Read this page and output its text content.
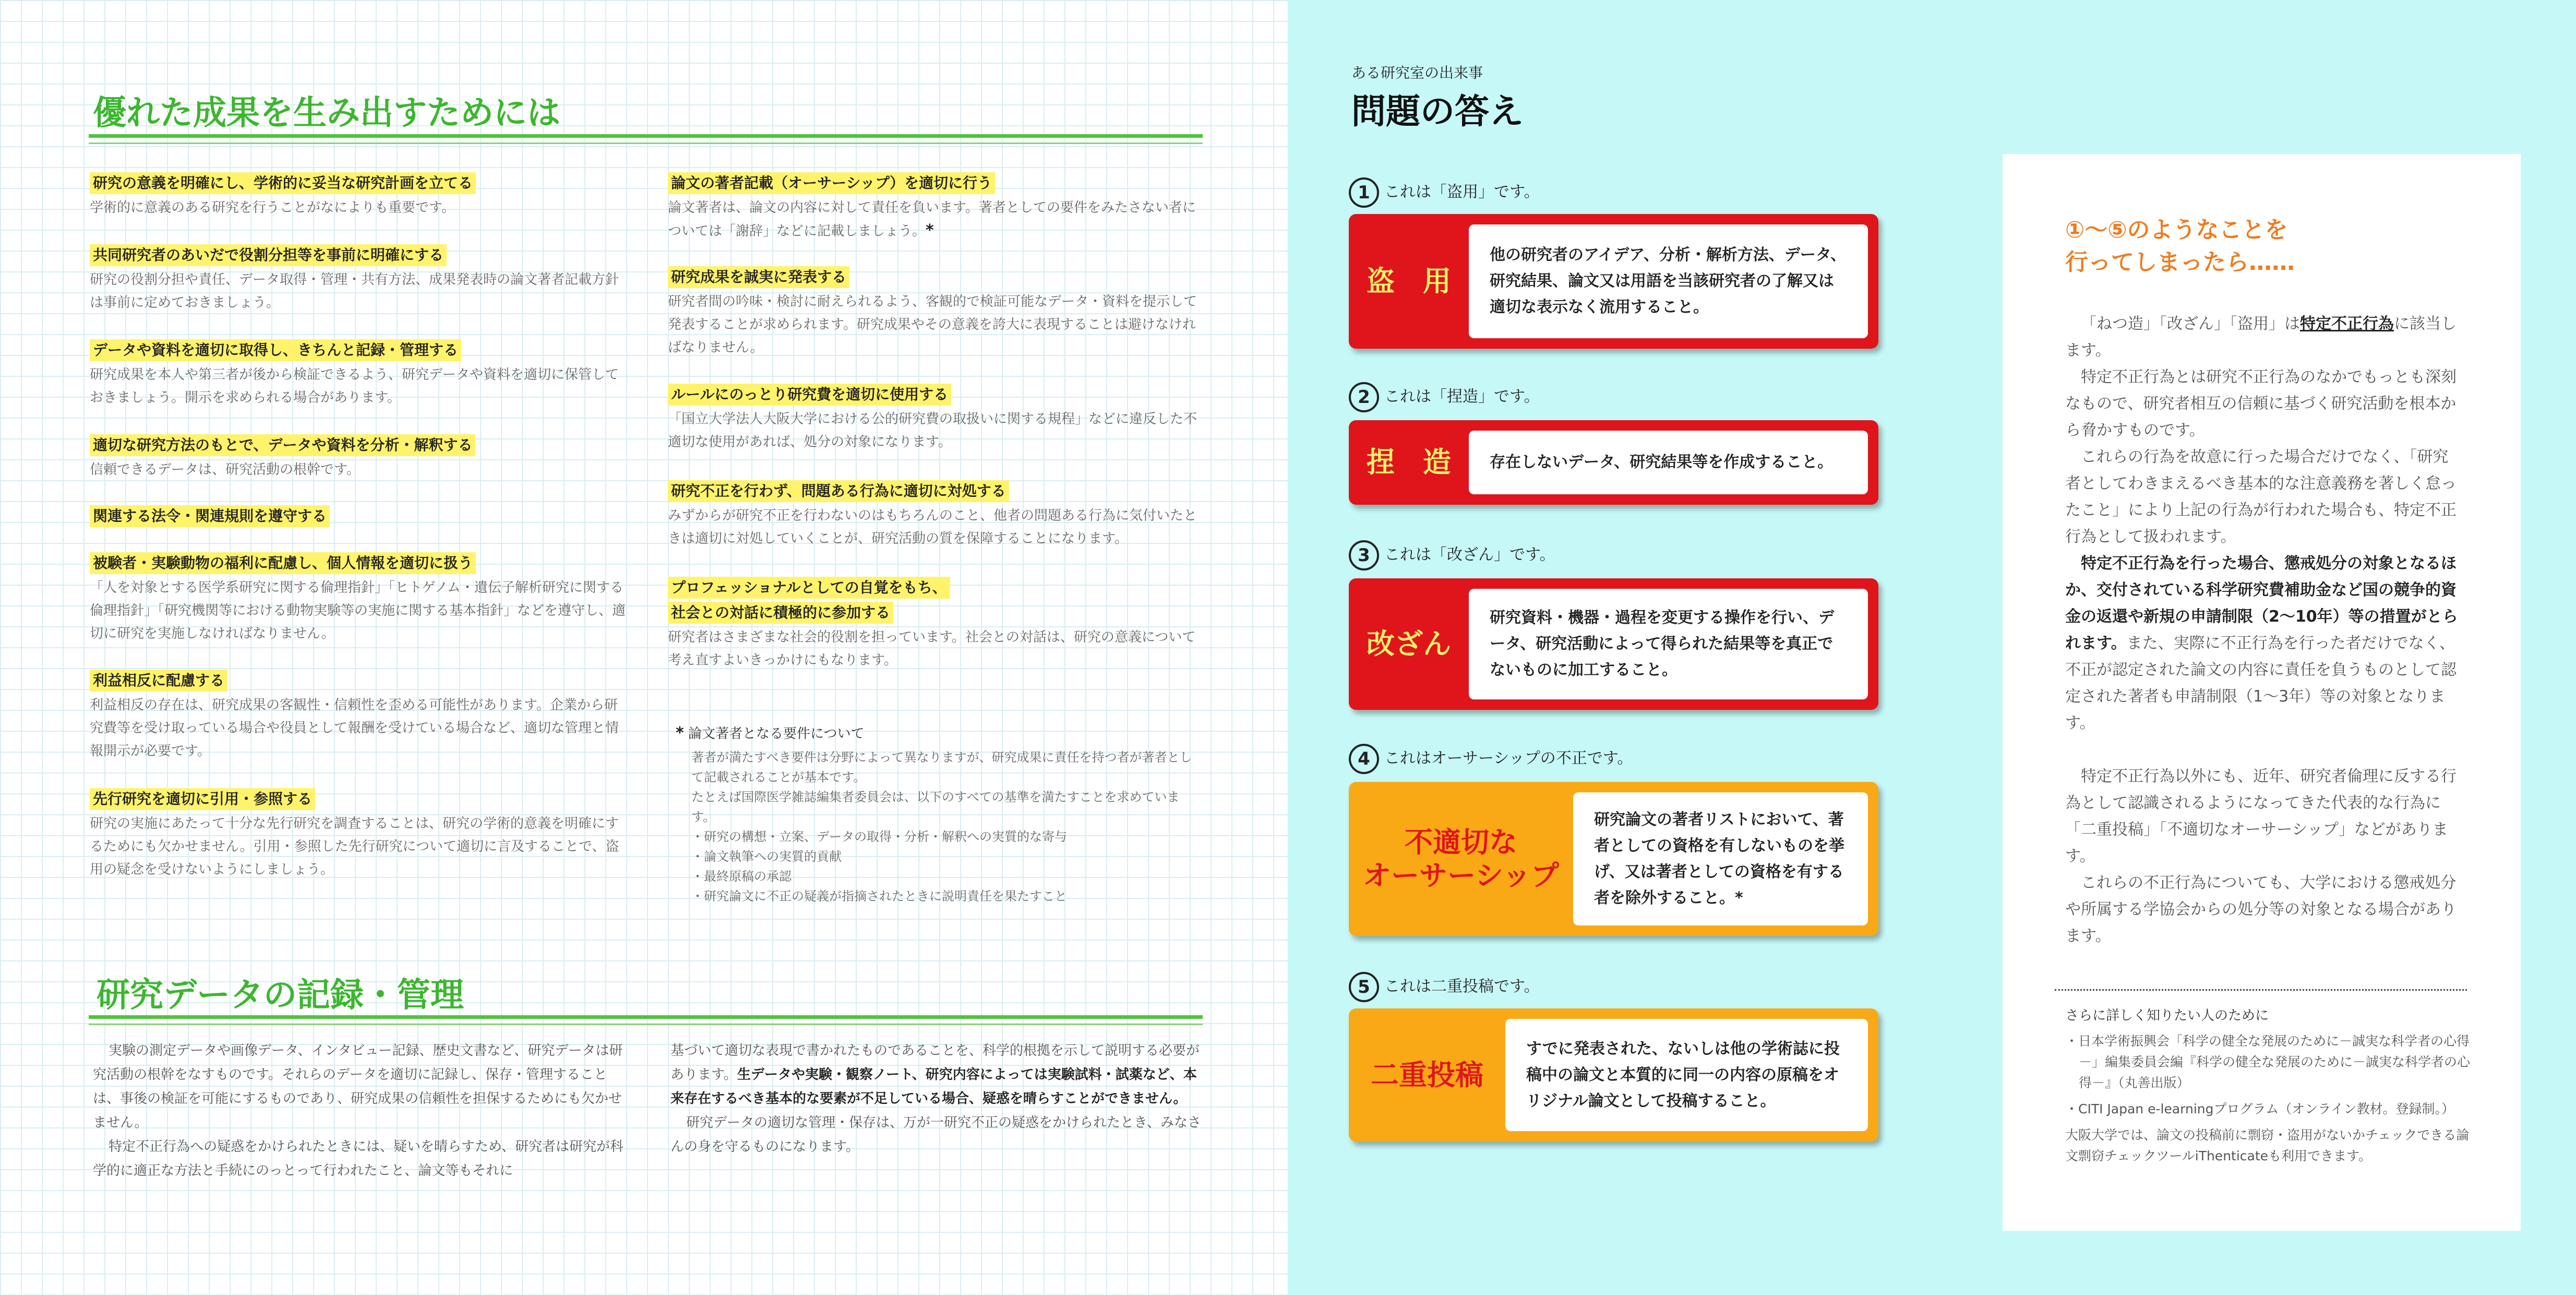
優れた成果を生み出すためには
研究の意義を明確にし、学術的に妥当な研究計画を立てる
学術的に意義のある研究を行うことがなによりも重要です。
共同研究者のあいだで役割分担等を事前に明確にする
研究の役割分担や責任、データ取得・管理・共有方法、成果発表時の論文著者記載方針は事前に定めておきましょう。
データや資料を適切に取得し、きちんと記録・管理する
研究成果を本人や第三者が後から検証できるよう、研究データや資料を適切に保管しておきましょう。開示を求められる場合があります。
適切な研究方法のもとで、データや資料を分析・解釈する
信頼できるデータは、研究活動の根幹です。
関連する法令・関連規則を遵守する
被験者・実験動物の福利に配慮し、個人情報を適切に扱う
「人を対象とする医学系研究に関する倫理指針」「ヒトゲノム・遺伝子解析研究に関する倫理指針」「研究機関等における動物実験等の実施に関する基本指針」などを遵守し、適切に研究を実施しなければなりません。
利益相反に配慮する
利益相反の存在は、研究成果の客観性・信頼性を歪める可能性があります。企業から研究費等を受け取っている場合や役員として報酬を受けている場合など、適切な管理と情報開示が必要です。
先行研究を適切に引用・参照する
研究の実施にあたって十分な先行研究を調査することは、研究の学術的意義を明確にするためにも欠かせません。引用・参照した先行研究について適切に言及することで、盗用の疑念を受けないようにしましょう。
論文の著者記載（オーサーシップ）を適切に行う
論文著者は、論文の内容に対して責任を負います。著者としての要件をみたさない者については「謝辞」などに記載しましょう。*
研究成果を誠実に発表する
研究者間の吟味・検討に耐えられるよう、客観的で検証可能なデータ・資料を提示して発表することが求められます。研究成果やその意義を誇大に表現することは避けなければなりません。
ルールにのっとり研究費を適切に使用する
「国立大学法人大阪大学における公的研究費の取扱いに関する規程」などに違反した不適切な使用があれば、処分の対象になります。
研究不正を行わず、問題ある行為に適切に対処する
みずからが研究不正を行わないのはもちろんのこと、他者の問題ある行為に気付いたときは適切に対処していくことが、研究活動の質を保障することになります。
プロフェッショナルとしての自覚をもち、
社会との対話に積極的に参加する
研究者はさまざまな社会的役割を担っています。社会との対話は、研究の意義について考え直すよいきっかけにもなります。
* 論文著者となる要件について
著者が満たすべき要件は分野によって異なりますが、研究成果に責任を持つ者が著者として記載されることが基本です。
たとえば国際医学雑誌編集者委員会は、以下のすべての基準を満たすことを求めています。
・研究の構想・立案、データの取得・分析・解釈への実質的な寄与
・論文執筆への実質的貢献
・最終原稿の承認
・研究論文に不正の疑義が指摘されたときに説明責任を果たすこと
研究データの記録・管理
実験の測定データや画像データ、インタビュー記録、歴史文書など、研究データは研究活動の根幹をなすものです。それらのデータを適切に記録し、保存・管理することは、事後の検証を可能にするものであり、研究成果の信頼性を担保するためにも欠かせません。
特定不正行為への疑惑をかけられたときには、疑いを晴らすため、研究者は研究が科学的に適正な方法と手続にのっとって行われたこと、論文等もそれに
基づいて適切な表現で書かれたものであることを、科学的根拠を示して説明する必要があります。生データや実験・観察ノート、研究内容によっては実験試料・試薬など、本来存在するべき基本的な要素が不足している場合、疑惑を晴らすことができません。
研究データの適切な管理・保存は、万が一研究不正の疑惑をかけられたとき、みなさんの身を守るものになります。
ある研究室の出来事
問題の答え
1 これは「盗用」です。
盗　用
他の研究者のアイデア、分析・解析方法、データ、研究結果、論文又は用語を当該研究者の了解又は適切な表示なく流用すること。
2 これは「捏造」です。
捏　造	存在しないデータ、研究結果等を作成すること。
3 これは「改ざん」です。
改ざん
研究資料・機器・過程を変更する操作を行い、データ、研究活動によって得られた結果等を真正でないものに加工すること。
4 これはオーサーシップの不正です。
不適切な
オーサーシップ
研究論文の著者リストにおいて、著者としての資格を有しないものを挙げ、又は著者としての資格を有する者を除外すること。*
5 これは二重投稿です。
二重投稿
すでに発表された、ないしは他の学術誌に投稿中の論文と本質的に同一の内容の原稿をオリジナル論文として投稿すること。
①〜⑤のようなことを
行ってしまったら……

「ねつ造」「改ざん」「盗用」は特定不正行為に該当します。

特定不正行為とは研究不正行為のなかでもっとも深刻なもので、研究者相互の信頼に基づく研究活動を根本から脅かすものです。

これらの行為を故意に行った場合だけでなく、「研究者としてわきまえるべき基本的な注意義務を著しく怠ったこと」により上記の行為が行われた場合も、特定不正行為として扱われます。

特定不正行為を行った場合、懲戒処分の対象となるほか、交付されている科学研究費補助金など国の競争的資金の返還や新規の申請制限（2〜10年）等の措置がとられます。また、実際に不正行為を行った者だけでなく、不正が認定された論文の内容に責任を負うものとして認定された著者も申請制限（1〜3年）等の対象となります。

特定不正行為以外にも、近年、研究者倫理に反する行為として認識されるようになってきた代表的な行為に「二重投稿」「不適切なオーサーシップ」などがあります。

これらの不正行為についても、大学における懲戒処分や所属する学協会からの処分等の対象となる場合があります。

さらに詳しく知りたい人のために
・日本学術振興会「科学の健全な発展のために－誠実な科学者の心得－」編集委員会編『科学の健全な発展のために－誠実な科学者の心得－』（丸善出版）
・CITI Japan e-learningプログラム（オンライン教材。登録制。）
大阪大学では、論文の投稿前に剽窃・盗用がないかチェックできる論文剽窃チェックツールiThenticateも利用できます。
